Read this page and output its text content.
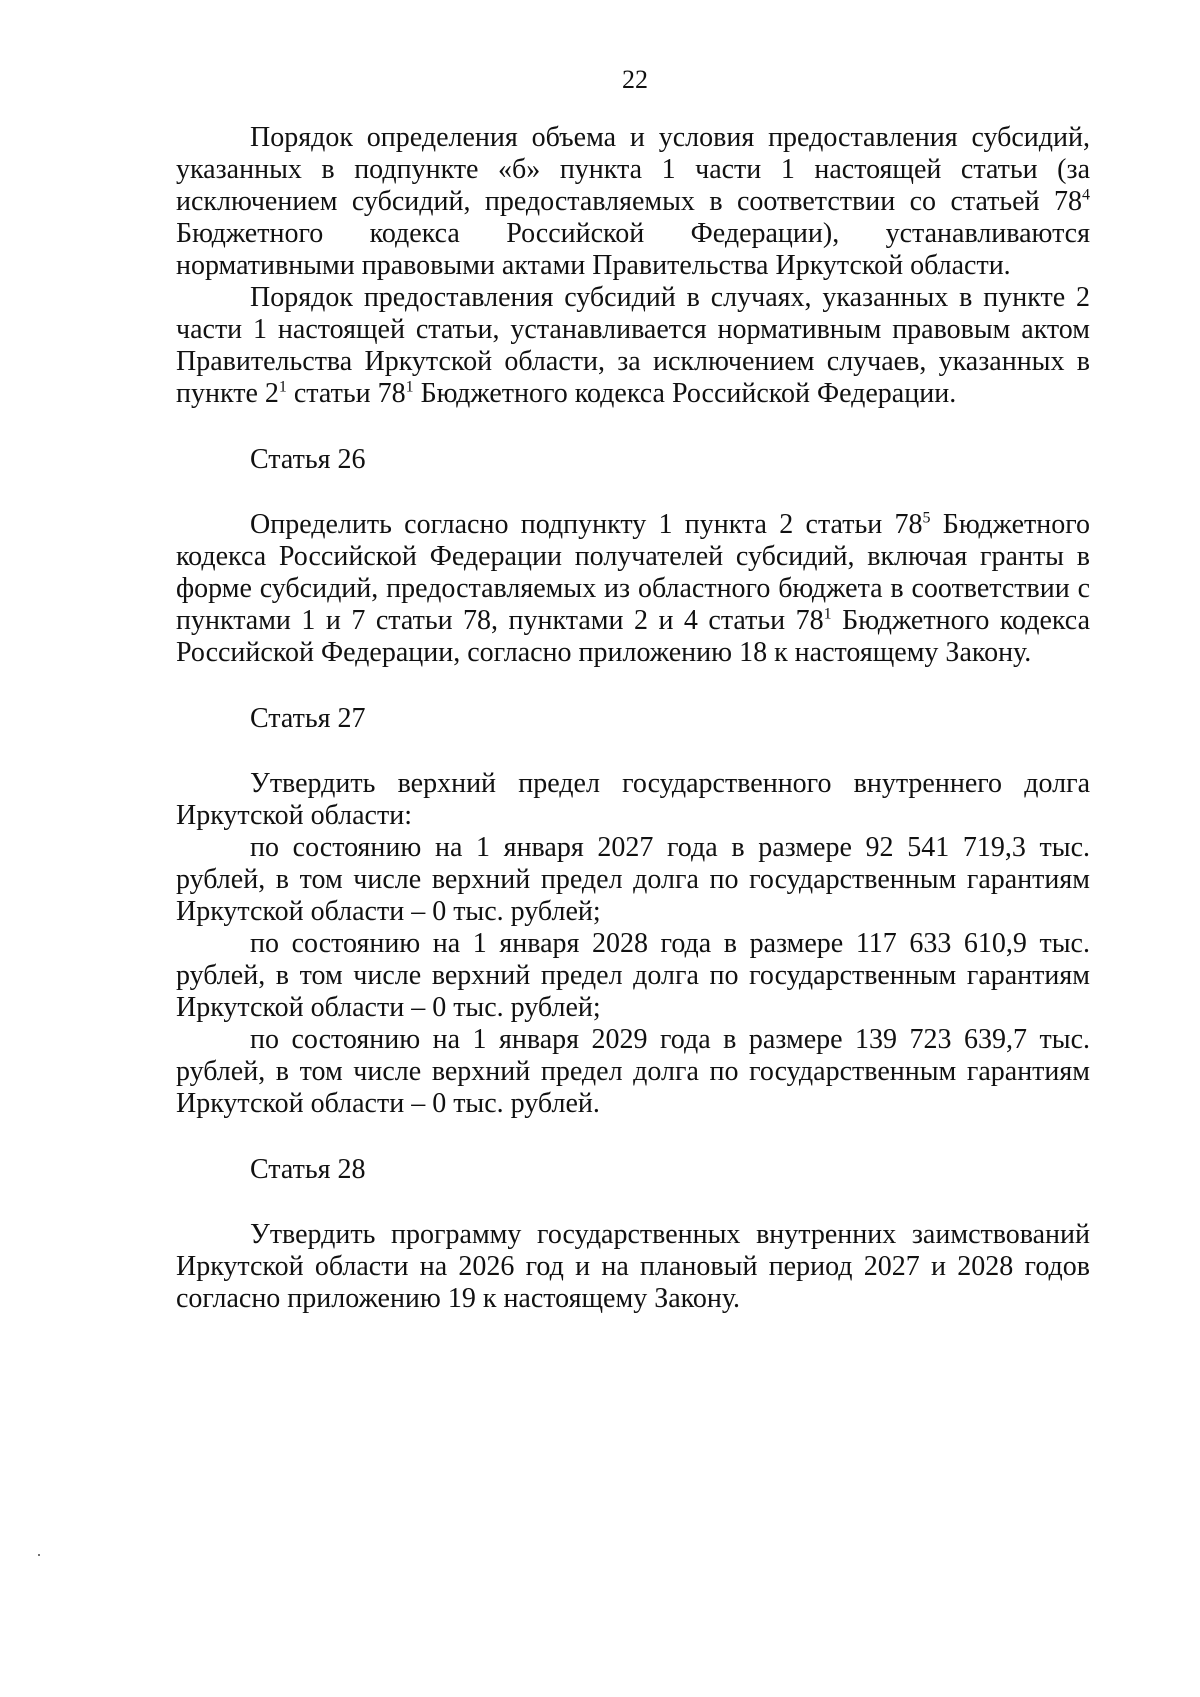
22

Порядок определения объема и условия предоставления субсидий, указанных в подпункте «б» пункта 1 части 1 настоящей статьи (за исключением субсидий, предоставляемых в соответствии со статьей $78^4$ Бюджетного кодекса Российской Федерации), устанавливаются нормативными правовыми актами Правительства Иркутской области.

Порядок предоставления субсидий в случаях, указанных в пункте 2 части 1 настоящей статьи, устанавливается нормативным правовым актом Правительства Иркутской области, за исключением случаев, указанных в пункте $2^1$ статьи $78^1$ Бюджетного кодекса Российской Федерации.

Статья 26

Определить согласно подпункту 1 пункта 2 статьи $78^5$ Бюджетного кодекса Российской Федерации получателей субсидий, включая гранты в форме субсидий, предоставляемых из областного бюджета в соответствии с пунктами 1 и 7 статьи 78, пунктами 2 и 4 статьи $78^1$ Бюджетного кодекса Российской Федерации, согласно приложению 18 к настоящему Закону.

Статья 27

Утвердить верхний предел государственного внутреннего долга Иркутской области:

по состоянию на 1 января 2027 года в размере 92 541 719,3 тыс. рублей, в том числе верхний предел долга по государственным гарантиям Иркутской области – 0 тыс. рублей;

по состоянию на 1 января 2028 года в размере 117 633 610,9 тыс. рублей, в том числе верхний предел долга по государственным гарантиям Иркутской области – 0 тыс. рублей;

по состоянию на 1 января 2029 года в размере 139 723 639,7 тыс. рублей, в том числе верхний предел долга по государственным гарантиям Иркутской области – 0 тыс. рублей.

Статья 28

Утвердить программу государственных внутренних заимствований Иркутской области на 2026 год и на плановый период 2027 и 2028 годов согласно приложению 19 к настоящему Закону.
